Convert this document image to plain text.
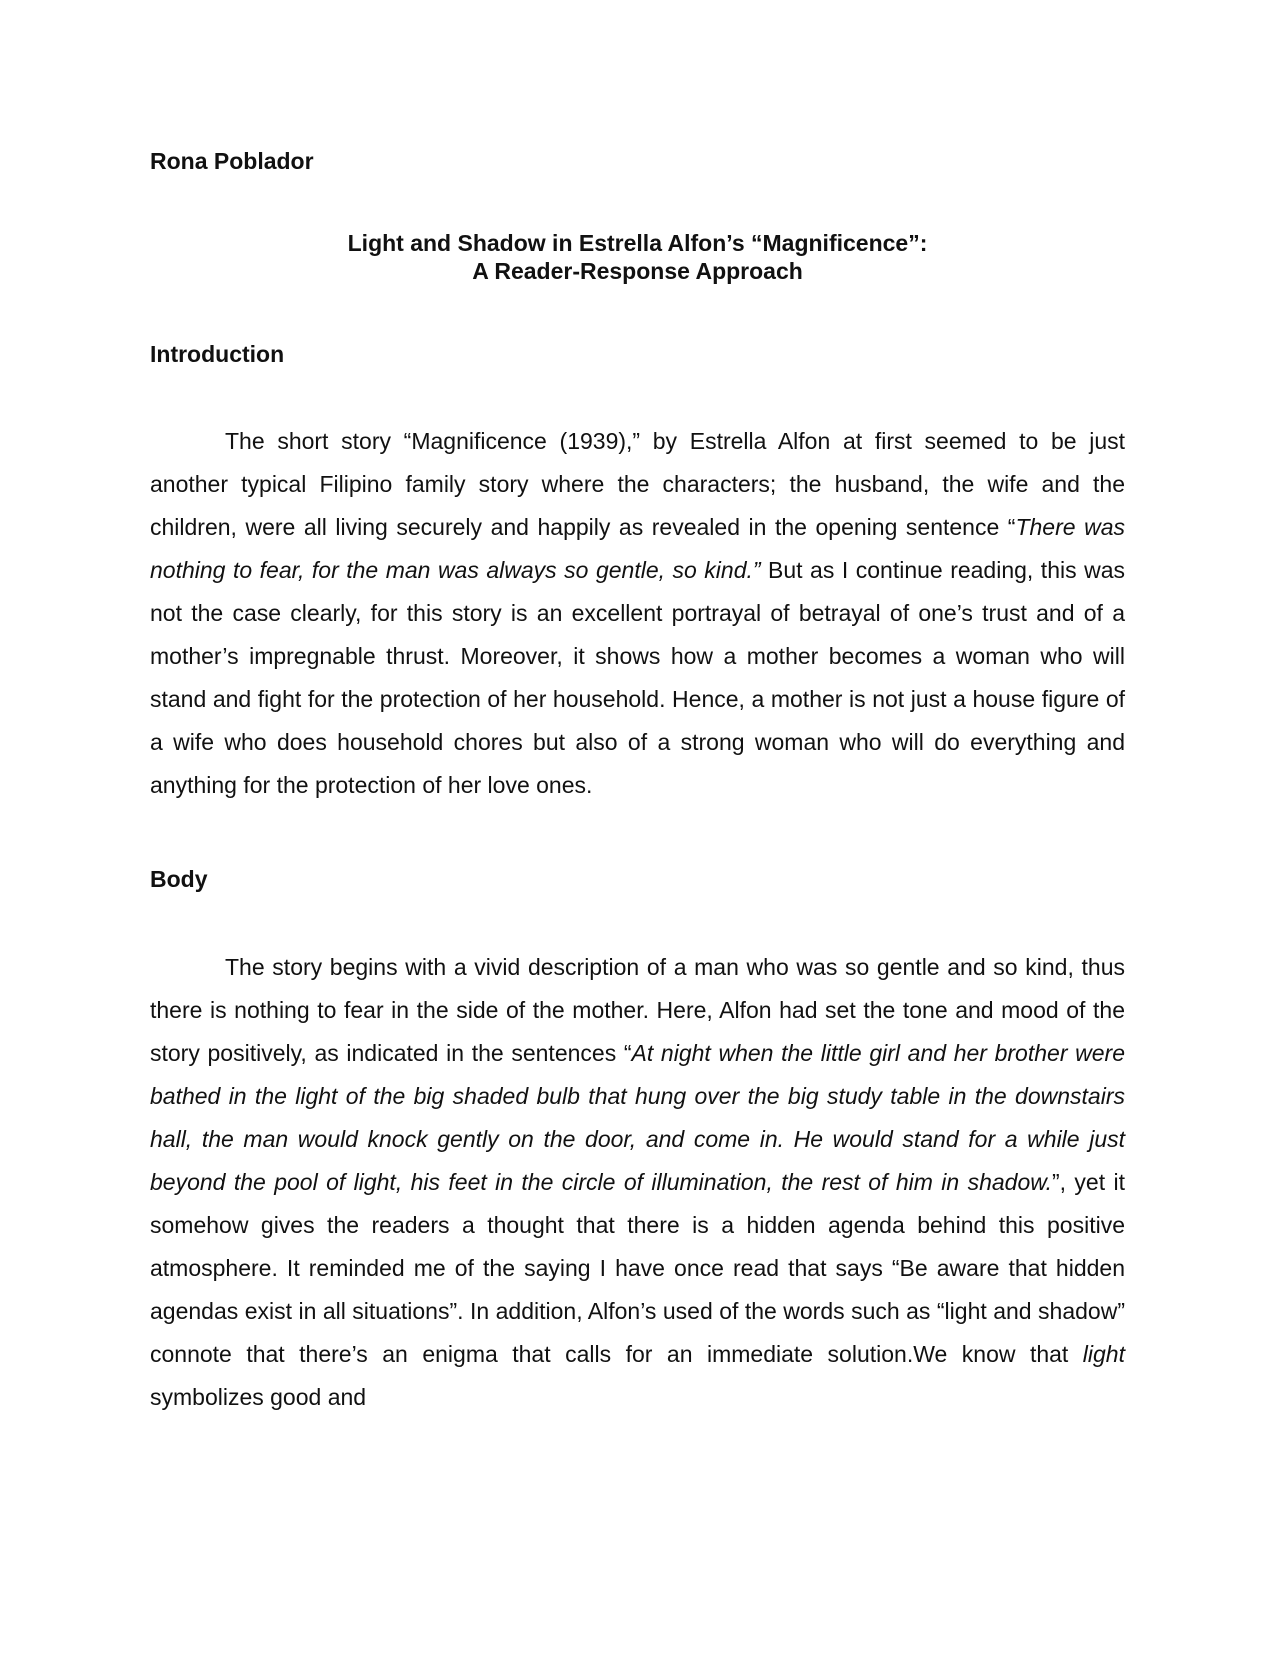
Rona Poblador

Light and Shadow in Estrella Alfon’s “Magnificence”:
A Reader-Response Approach

Introduction

The short story “Magnificence (1939),” by Estrella Alfon at first seemed to be just another typical Filipino family story where the characters; the husband, the wife and the children, were all living securely and happily as revealed in the opening sentence “There was nothing to fear, for the man was always so gentle, so kind.” But as I continue reading, this was not the case clearly, for this story is an excellent portrayal of betrayal of one’s trust and of a mother’s impregnable thrust. Moreover, it shows how a mother becomes a woman who will stand and fight for the protection of her household. Hence, a mother is not just a house figure of a wife who does household chores but also of a strong woman who will do everything and anything for the protection of her love ones.

Body

The story begins with a vivid description of a man who was so gentle and so kind, thus there is nothing to fear in the side of the mother. Here, Alfon had set the tone and mood of the story positively, as indicated in the sentences “At night when the little girl and her brother were bathed in the light of the big shaded bulb that hung over the big study table in the downstairs hall, the man would knock gently on the door, and come in. He would stand for a while just beyond the pool of light, his feet in the circle of illumination, the rest of him in shadow.”, yet it somehow gives the readers a thought that there is a hidden agenda behind this positive atmosphere. It reminded me of the saying I have once read that says “Be aware that hidden agendas exist in all situations”. In addition, Alfon’s used of the words such as “light and shadow” connote that there’s an enigma that calls for an immediate solution.We know that light symbolizes good and
